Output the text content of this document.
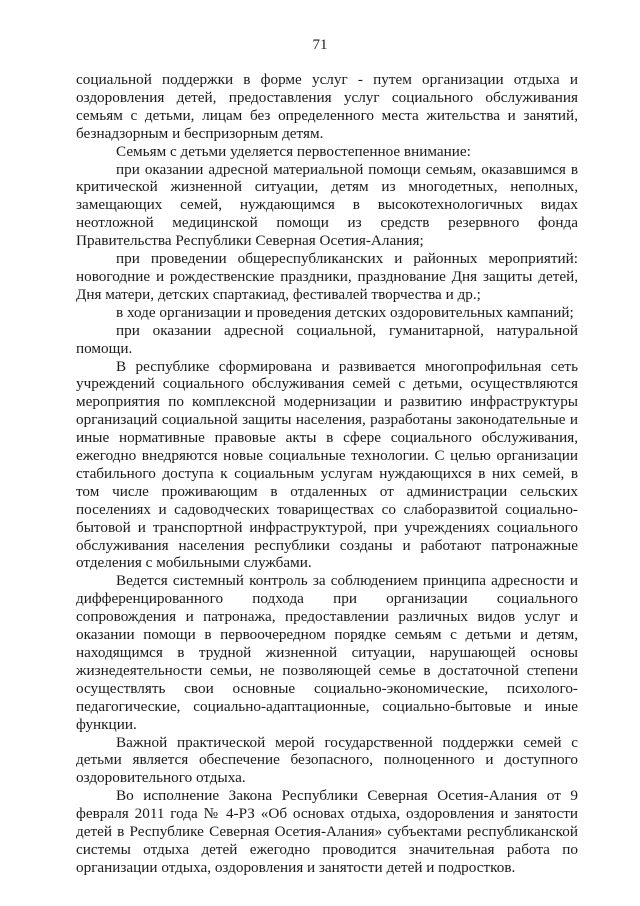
71

социальной поддержки в форме услуг - путем организации отдыха и оздоровления детей, предоставления услуг социального обслуживания семьям с детьми, лицам без определенного места жительства и занятий, безнадзорным и беспризорным детям.

Семьям с детьми уделяется первостепенное внимание:

при оказании адресной материальной помощи семьям, оказавшимся в критической жизненной ситуации, детям из многодетных, неполных, замещающих семей, нуждающимся в высокотехнологичных видах неотложной медицинской помощи из средств резервного фонда Правительства Республики Северная Осетия-Алания;

при проведении общереспубликанских и районных мероприятий: новогодние и рождественские праздники, празднование Дня защиты детей, Дня матери, детских спартакиад, фестивалей творчества и др.;

в ходе организации и проведения детских оздоровительных кампаний;

при оказании адресной социальной, гуманитарной, натуральной помощи.

В республике сформирована и развивается многопрофильная сеть учреждений социального обслуживания семей с детьми, осуществляются мероприятия по комплексной модернизации и развитию инфраструктуры организаций социальной защиты населения, разработаны законодательные и иные нормативные правовые акты в сфере социального обслуживания, ежегодно внедряются новые социальные технологии. С целью организации стабильного доступа к социальным услугам нуждающихся в них семей, в том числе проживающим в отдаленных от администрации сельских поселениях и садоводческих товариществах со слаборазвитой социально-бытовой и транспортной инфраструктурой, при учреждениях социального обслуживания населения республики созданы и работают патронажные отделения с мобильными службами.

Ведется системный контроль за соблюдением принципа адресности и дифференцированного подхода при организации социального сопровождения и патронажа, предоставлении различных видов услуг и оказании помощи в первоочередном порядке семьям с детьми и детям, находящимся в трудной жизненной ситуации, нарушающей основы жизнедеятельности семьи, не позволяющей семье в достаточной степени осуществлять свои основные социально-экономические, психолого-педагогические, социально-адаптационные, социально-бытовые и иные функции.

Важной практической мерой государственной поддержки семей с детьми является обеспечение безопасного, полноценного и доступного оздоровительного отдыха.

Во исполнение Закона Республики Северная Осетия-Алания от 9 февраля 2011 года № 4-РЗ «Об основах отдыха, оздоровления и занятости детей в Республике Северная Осетия-Алания» субъектами республиканской системы отдыха детей ежегодно проводится значительная работа по организации отдыха, оздоровления и занятости детей и подростков.
